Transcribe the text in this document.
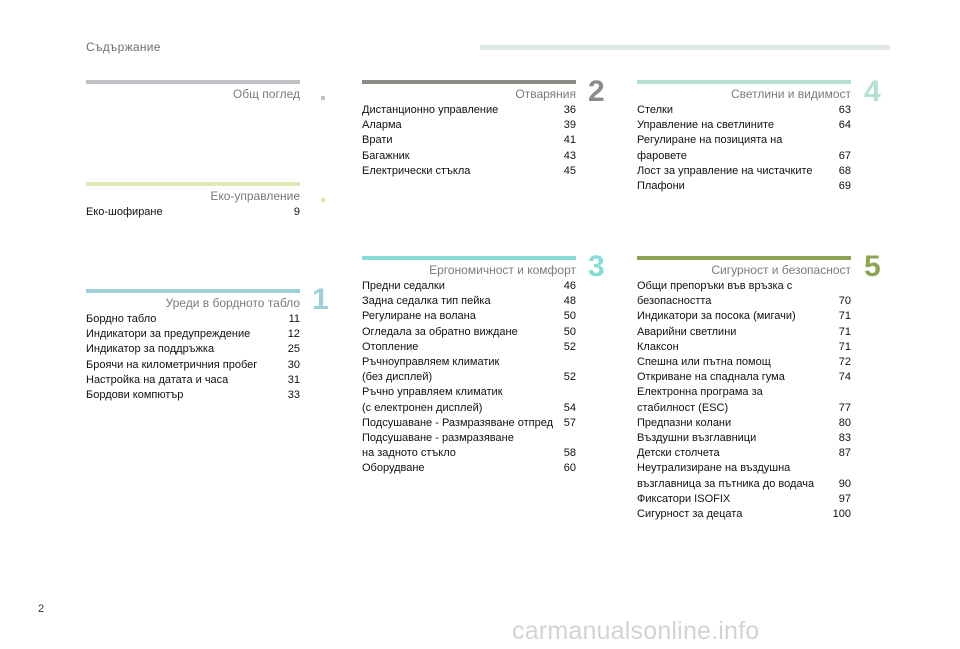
Съдържание
Общ поглед
Еко-управление
Еко-шофиране	9
Уреди в бордното табло
Бордно табло	11
Индикатори за предупреждение	12
Индикатор за поддръжка	25
Броячи на километричния пробег	30
Настройка на датата и часа	31
Бордови компютър	33
1
Отваряния
Дистанционно управление	36
Аларма	39
Врати	41
Багажник	43
Електрически стъкла	45
2
Ергономичност и комфорт
Предни седалки	46
Задна седалка тип пейка	48
Регулиране на волана	50
Огледала за обратно виждане	50
Отопление	52
Ръчноуправляем климатик
(без дисплей)	52
Ръчно управляем климатик
(с електронен дисплей)	54
Подсушаване - Размразяване отпред 57
Подсушаване - размразяване
на задното стъкло	58
Оборудване	60
3
Светлини и видимост
Стелки	63
Управление на светлините	64
Регулиране на позицията на фаровете	67
Лост за управление на чистачките	68
Плафони	69
4
Сигурност и безопасност
Общи препоръки във връзка с
безопасността	70
Индикатори за посока (мигачи)	71
Аварийни светлини	71
Клаксон	71
Спешна или пътна помощ	72
Откриване на спаднала гума	74
Електронна програма за
стабилност (ESC)	77
Предпазни колани	80
Въздушни възглавници	83
Детски столчета	87
Неутрализиране на въздушна
възглавница за пътника до водача	90
Фиксатори ISOFIX	97
Сигурност за децата	100
5
2
carmanualsonline.info
